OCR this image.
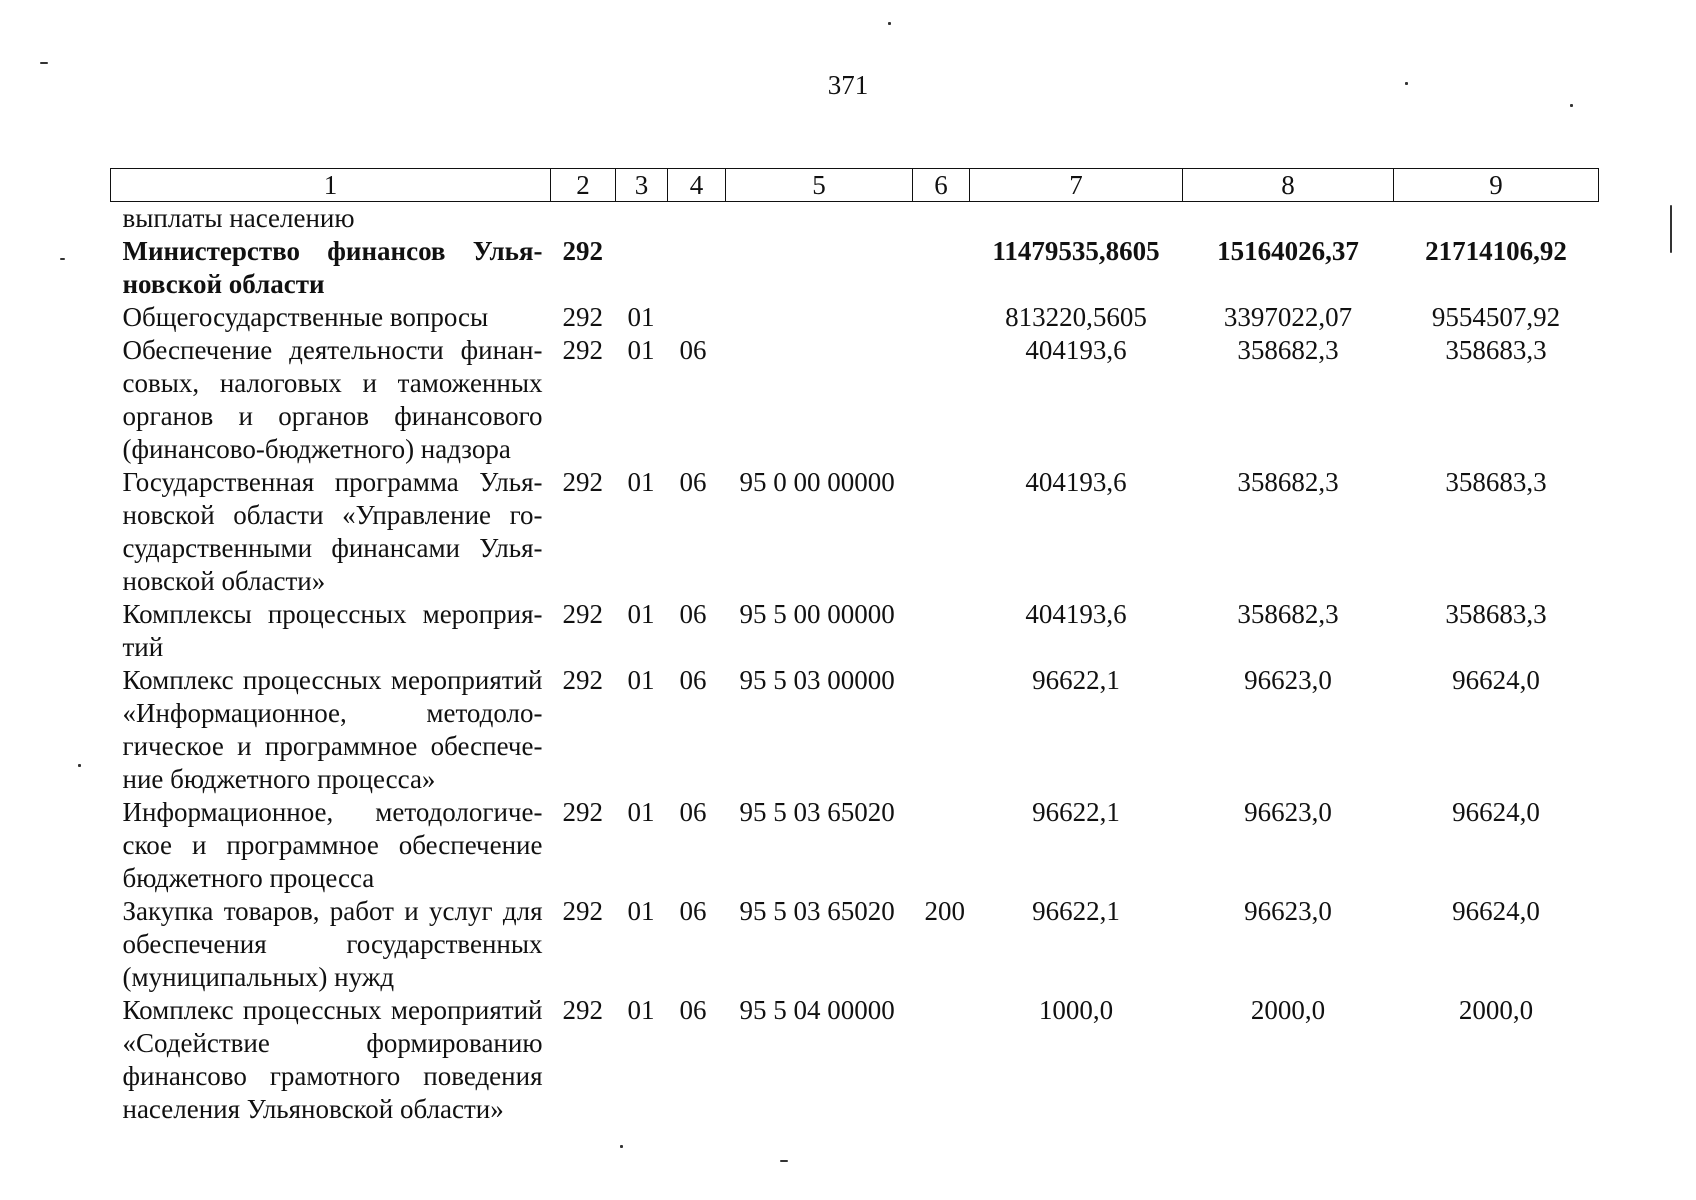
371
1	2	3	4	5	6	7	8	9
выплаты населению								
Министерство финансов Ульяновской области	292					11479535,8605	15164026,37	21714106,92
Общегосударственные вопросы	292	01				813220,5605	3397022,07	9554507,92
Обеспечение деятельности финансовых, налоговых и таможенных органов и органов финансового (финансово-бюджетного) надзора	292	01	06			404193,6	358682,3	358683,3
Государственная программа Ульяновской области «Управление государственными финансами Ульяновской области»	292	01	06	95 0 00 00000		404193,6	358682,3	358683,3
Комплексы процессных мероприятий	292	01	06	95 5 00 00000		404193,6	358682,3	358683,3
Комплекс процессных мероприятий «Информационное, методологическое и программное обеспечение бюджетного процесса»	292	01	06	95 5 03 00000		96622,1	96623,0	96624,0
Информационное, методологическое и программное обеспечение бюджетного процесса	292	01	06	95 5 03 65020		96622,1	96623,0	96624,0
Закупка товаров, работ и услуг для обеспечения государственных (муниципальных) нужд	292	01	06	95 5 03 65020	200	96622,1	96623,0	96624,0
Комплекс процессных мероприятий «Содействие формированию финансово грамотного поведения населения Ульяновской области»	292	01	06	95 5 04 00000		1000,0	2000,0	2000,0
